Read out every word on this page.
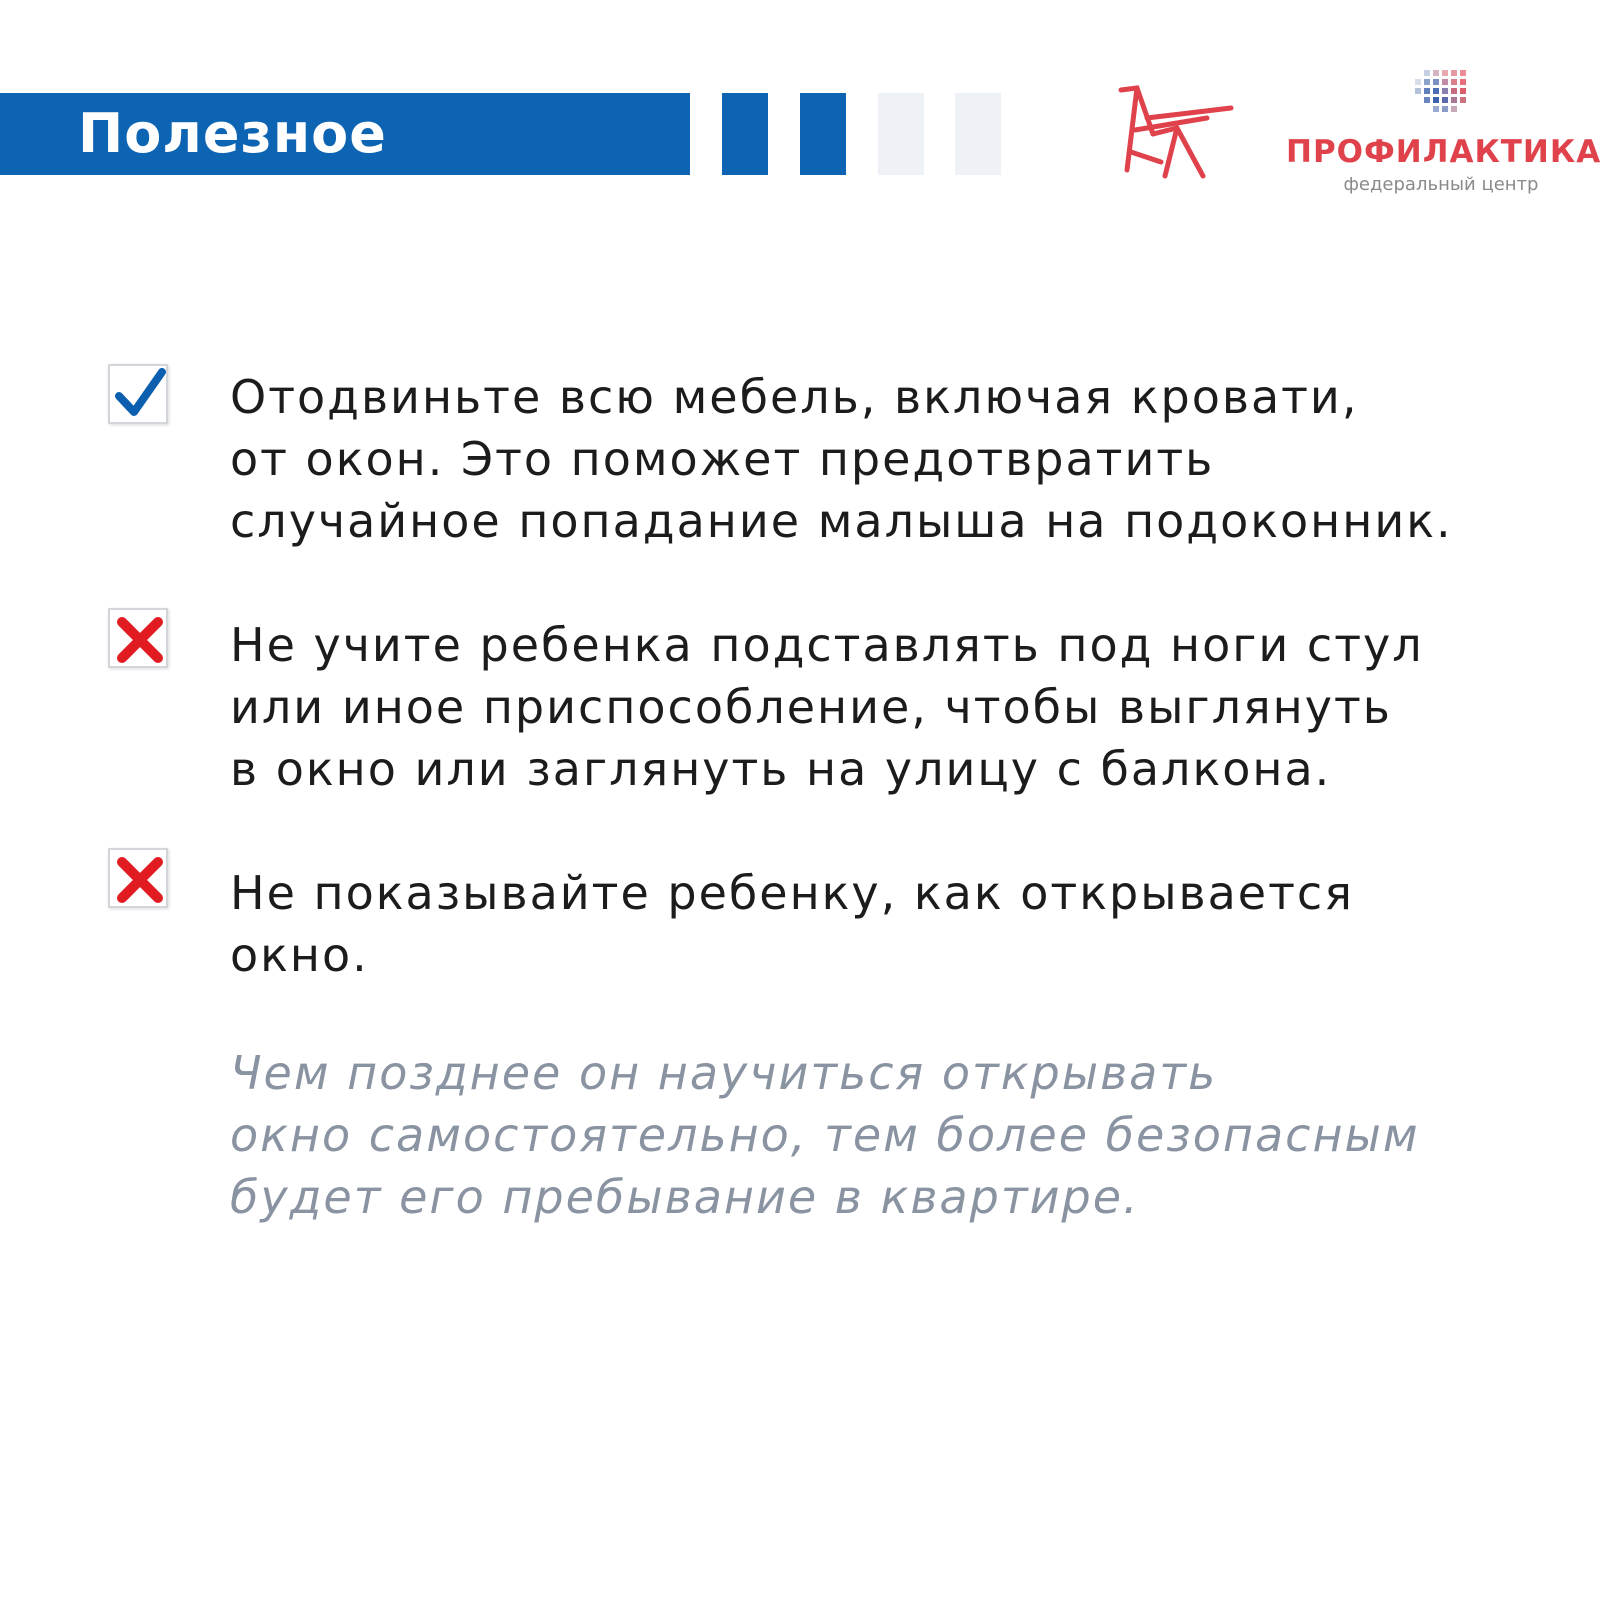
Полезное	ПРОФИЛАКТИКА
федеральный центр
Отодвиньте всю мебель, включая кровати,
от окон. Это поможет предотвратить
случайное попадание малыша на подоконник.
Не учите ребенка подставлять под ноги стул
или иное приспособление, чтобы выглянуть
в окно или заглянуть на улицу с балкона.
Не показывайте ребенку, как открывается
окно.
Чем позднее он научиться открывать
окно самостоятельно, тем более безопасным
будет его пребывание в квартире.
